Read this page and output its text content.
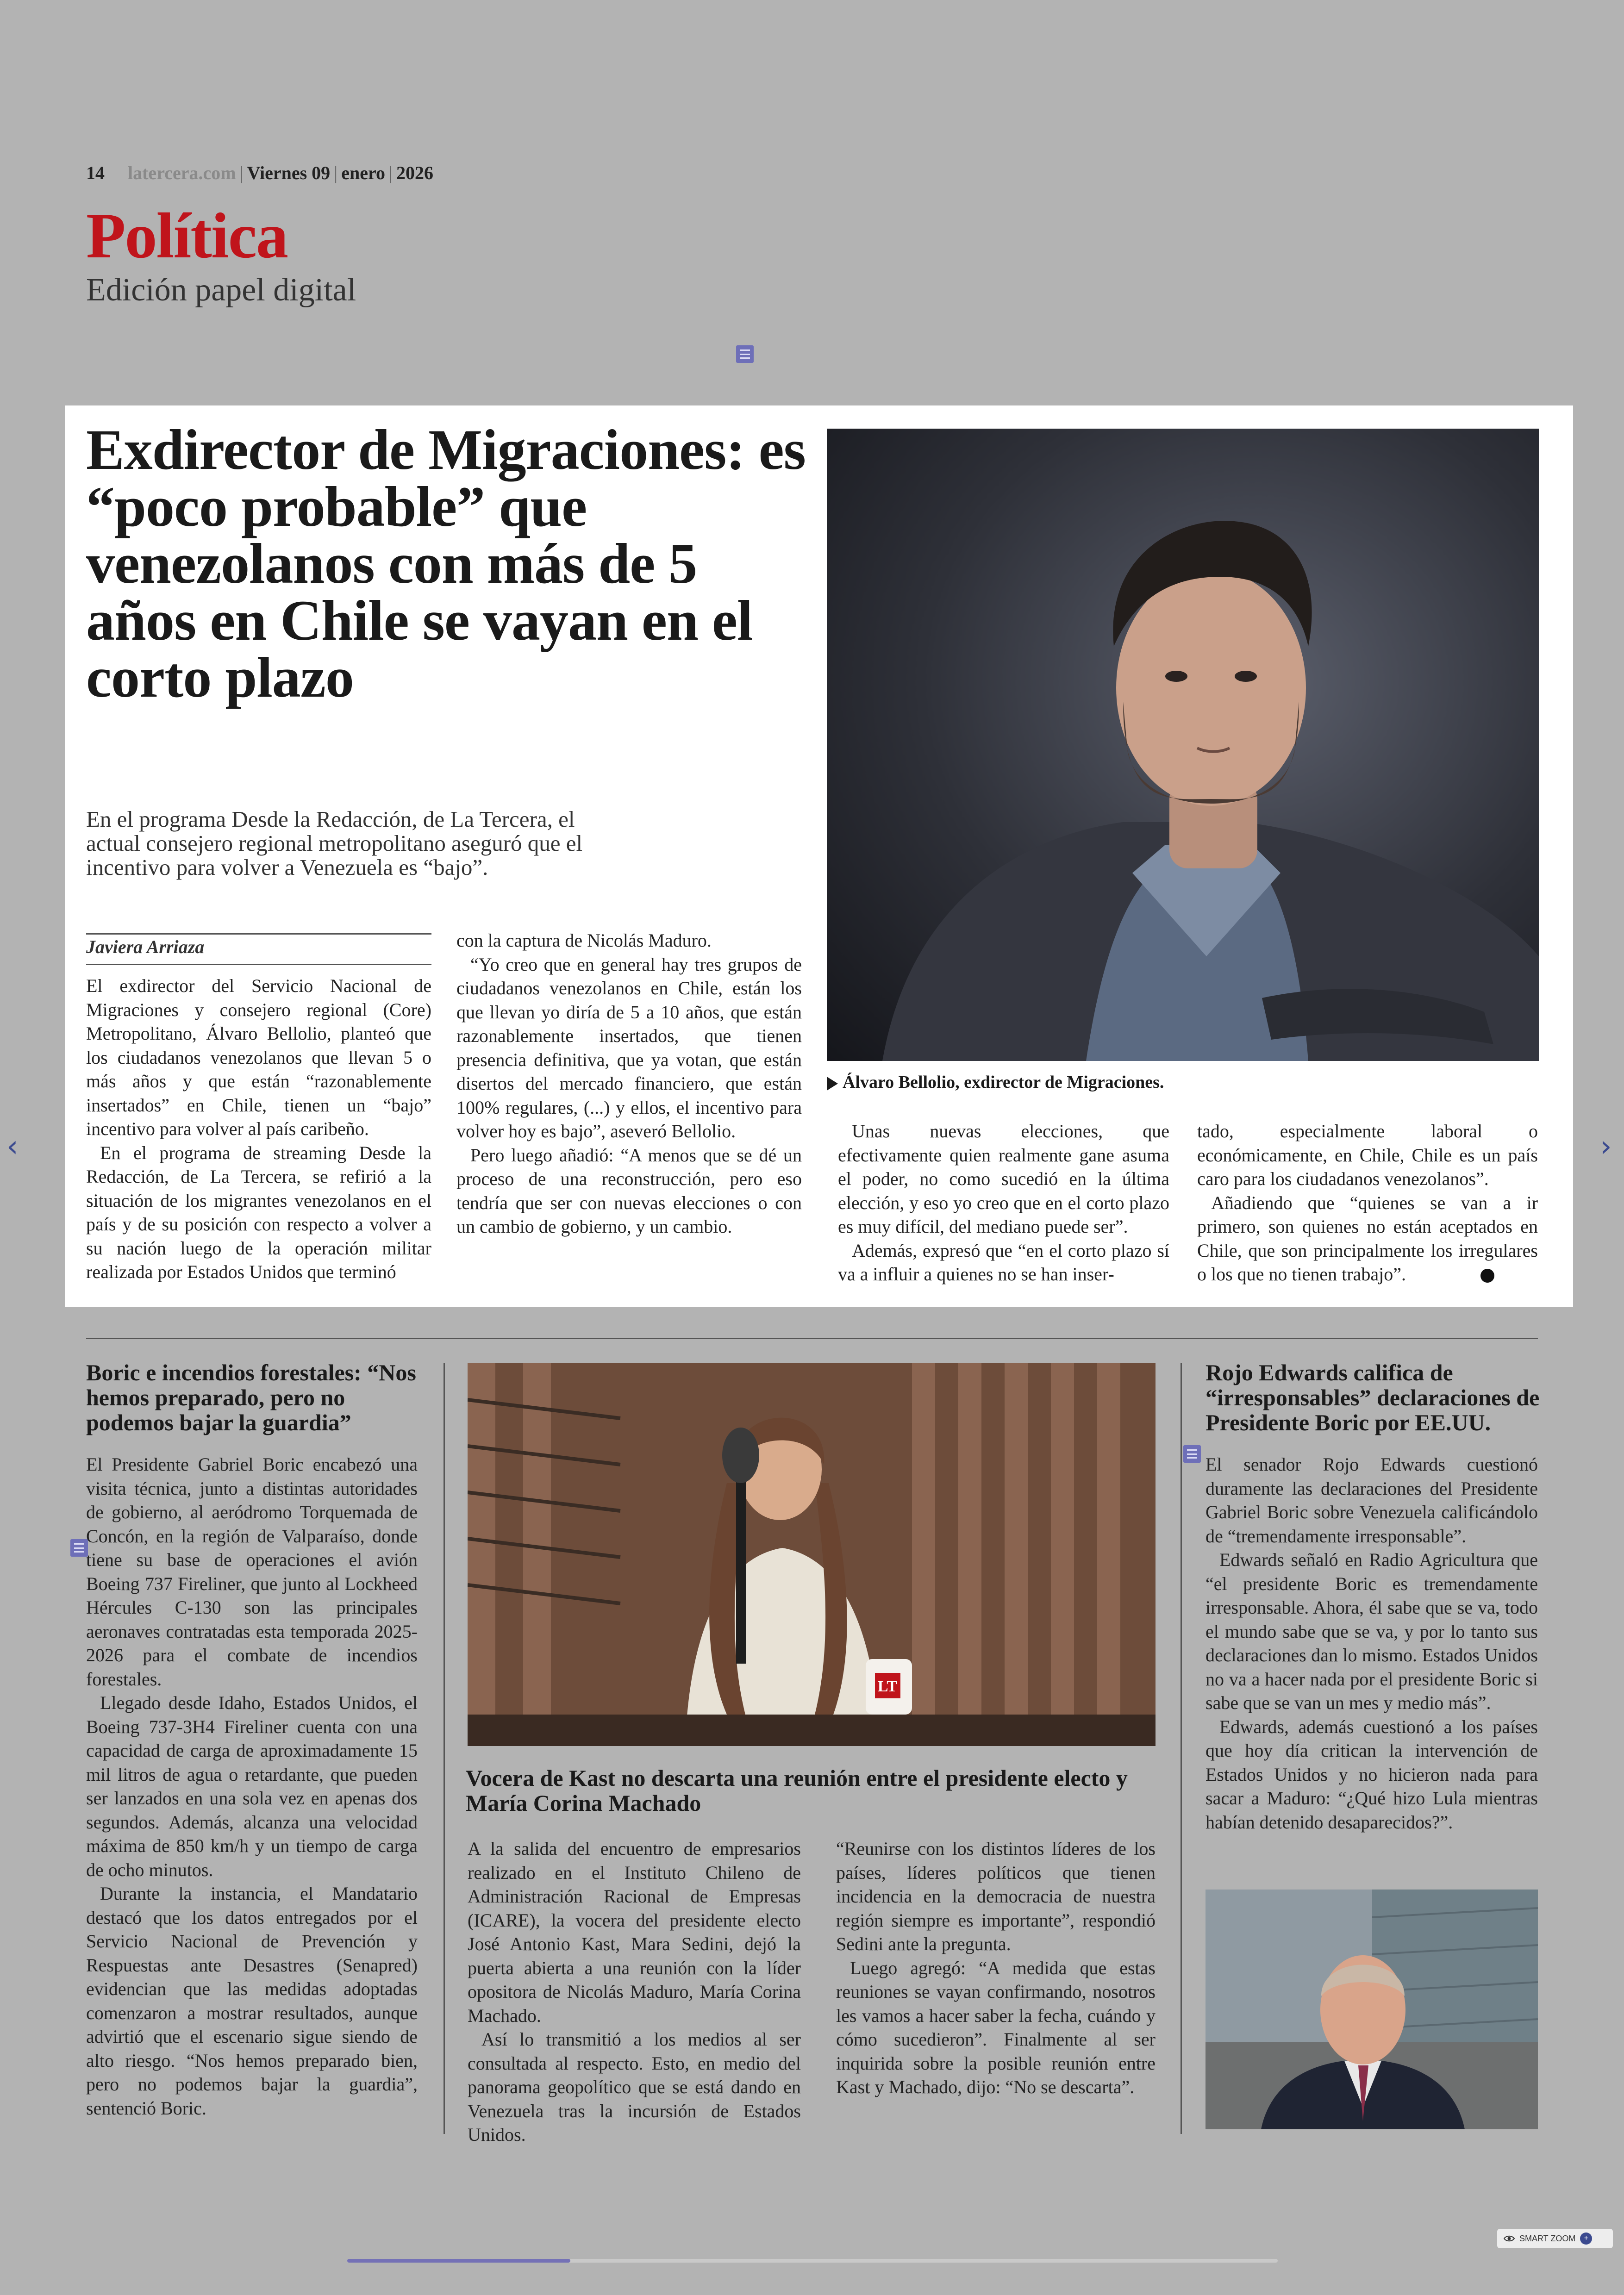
14 latercera.com | Viernes 09 | enero | 2026
Política
Edición papel digital
Exdirector de Migraciones: es “poco probable” que venezolanos con más de 5 años en Chile se vayan en el corto plazo

En el programa Desde la Redacción, de La Tercera, el actual consejero regional metropolitano aseguró que el incentivo para volver a Venezuela es “bajo”.

Javiera Arriaza

El exdirector del Servicio Nacional de Migraciones y consejero regional (Core) Metropolitano, Álvaro Bellolio, planteó que los ciudadanos venezolanos que llevan 5 o más años y que están “razonablemente insertados” en Chile, tienen un “bajo” incentivo para volver al país caribeño.

En el programa de streaming Desde la Redacción, de La Tercera, se refirió a la situación de los migrantes venezolanos en el país y de su posición con respecto a volver a su nación luego de la operación militar realizada por Estados Unidos que terminó

con la captura de Nicolás Maduro.

“Yo creo que en general hay tres grupos de ciudadanos venezolanos en Chile, están los que llevan yo diría de 5 a 10 años, que están razonablemente insertados, que tienen presencia definitiva, que ya votan, que están disertos del mercado financiero, que están 100% regulares, (...) y ellos, el incentivo para volver hoy es bajo”, aseveró Bellolio.

Pero luego añadió: “A menos que se dé un proceso de una reconstrucción, pero eso tendría que ser con nuevas elecciones o con un cambio de gobierno, y un cambio.

Álvaro Bellolio, exdirector de Migraciones.

Unas nuevas elecciones, que efectivamente quien realmente gane asuma el poder, no como sucedió en la última elección, y eso yo creo que en el corto plazo es muy difícil, del mediano puede ser”.

Además, expresó que “en el corto plazo sí va a influir a quienes no se han inser-

tado, especialmente laboral o económicamente, en Chile, Chile es un país caro para los ciudadanos venezolanos”.

Añadiendo que “quienes se van a ir primero, son quienes no están aceptados en Chile, que son principalmente los irregulares o los que no tienen trabajo”.

Boric e incendios forestales: “Nos hemos preparado, pero no podemos bajar la guardia”

El Presidente Gabriel Boric encabezó una visita técnica, junto a distintas autoridades de gobierno, al aeródromo Torquemada de Concón, en la región de Valparaíso, donde tiene su base de operaciones el avión Boeing 737 Fireliner, que junto al Lockheed Hércules C-130 son las principales aeronaves contratadas esta temporada 2025-2026 para el combate de incendios forestales.

Llegado desde Idaho, Estados Unidos, el Boeing 737-3H4 Fireliner cuenta con una capacidad de carga de aproximadamente 15 mil litros de agua o retardante, que pueden ser lanzados en una sola vez en apenas dos segundos. Además, alcanza una velocidad máxima de 850 km/h y un tiempo de carga de ocho minutos.

Durante la instancia, el Mandatario destacó que los datos entregados por el Servicio Nacional de Prevención y Respuestas ante Desastres (Senapred) evidencian que las medidas adoptadas comenzaron a mostrar resultados, aunque advirtió que el escenario sigue siendo de alto riesgo. “Nos hemos preparado bien, pero no podemos bajar la guardia”, sentenció Boric.

LT
Vocera de Kast no descarta una reunión entre el presidente electo y María Corina Machado

A la salida del encuentro de empresarios realizado en el Instituto Chileno de Administración Racional de Empresas (ICARE), la vocera del presidente electo José Antonio Kast, Mara Sedini, dejó la puerta abierta a una reunión con la líder opositora de Nicolás Maduro, María Corina Machado.

Así lo transmitió a los medios al ser consultada al respecto. Esto, en medio del panorama geopolítico que se está dando en Venezuela tras la incursión de Estados Unidos.

“Reunirse con los distintos líderes de los países, líderes políticos que tienen incidencia en la democracia de nuestra región siempre es importante”, respondió Sedini ante la pregunta.

Luego agregó: “A medida que estas reuniones se vayan confirmando, nosotros les vamos a hacer saber la fecha, cuándo y cómo sucedieron”. Finalmente al ser inquirida sobre la posible reunión entre Kast y Machado, dijo: “No se descarta”.

Rojo Edwards califica de “irresponsables” declaraciones de Presidente Boric por EE.UU.

El senador Rojo Edwards cuestionó duramente las declaraciones del Presidente Gabriel Boric sobre Venezuela calificándolo de “tremendamente irresponsable”.

Edwards señaló en Radio Agricultura que “el presidente Boric es tremendamente irresponsable. Ahora, él sabe que se va, todo el mundo sabe que se va, y por lo tanto sus declaraciones dan lo mismo. Estados Unidos no va a hacer nada por el presidente Boric si sabe que se van un mes y medio más”.

Edwards, además cuestionó a los países que hoy día critican la intervención de Estados Unidos y no hicieron nada para sacar a Maduro: “¿Qué hizo Lula mientras habían detenido desaparecidos?”.

‹	›
SMART ZOOM	+
